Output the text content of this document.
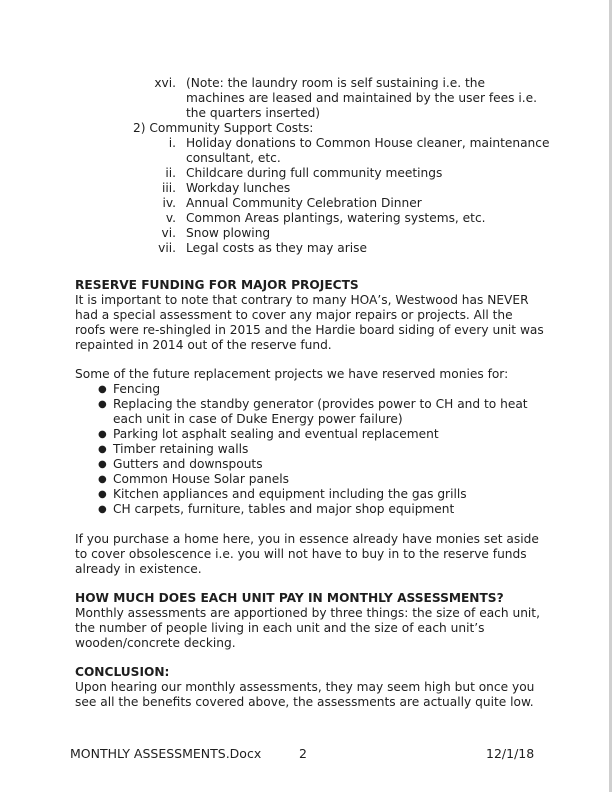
xvi. (Note: the laundry room is self sustaining i.e. the
machines are leased and maintained by the user fees i.e.
the quarters inserted)
2) Community Support Costs:
i. Holiday donations to Common House cleaner, maintenance
consultant, etc.
ii. Childcare during full community meetings
iii. Workday lunches
iv. Annual Community Celebration Dinner
v. Common Areas plantings, watering systems, etc.
vi. Snow plowing
vii. Legal costs as they may arise
RESERVE FUNDING FOR MAJOR PROJECTS
It is important to note that contrary to many HOA’s, Westwood has NEVER
had a special assessment to cover any major repairs or projects. All the
roofs were re-shingled in 2015 and the Hardie board siding of every unit was
repainted in 2014 out of the reserve fund.
Some of the future replacement projects we have reserved monies for:
● Fencing
● Replacing the standby generator (provides power to CH and to heat
each unit in case of Duke Energy power failure)
● Parking lot asphalt sealing and eventual replacement
● Timber retaining walls
● Gutters and downspouts
● Common House Solar panels
● Kitchen appliances and equipment including the gas grills
● CH carpets, furniture, tables and major shop equipment
If you purchase a home here, you in essence already have monies set aside
to cover obsolescence i.e. you will not have to buy in to the reserve funds
already in existence.
HOW MUCH DOES EACH UNIT PAY IN MONTHLY ASSESSMENTS?
Monthly assessments are apportioned by three things: the size of each unit,
the number of people living in each unit and the size of each unit’s
wooden/concrete decking.
CONCLUSION:
Upon hearing our monthly assessments, they may seem high but once you
see all the benefits covered above, the assessments are actually quite low.
MONTHLY ASSESSMENTS.Docx	2	12/1/18
